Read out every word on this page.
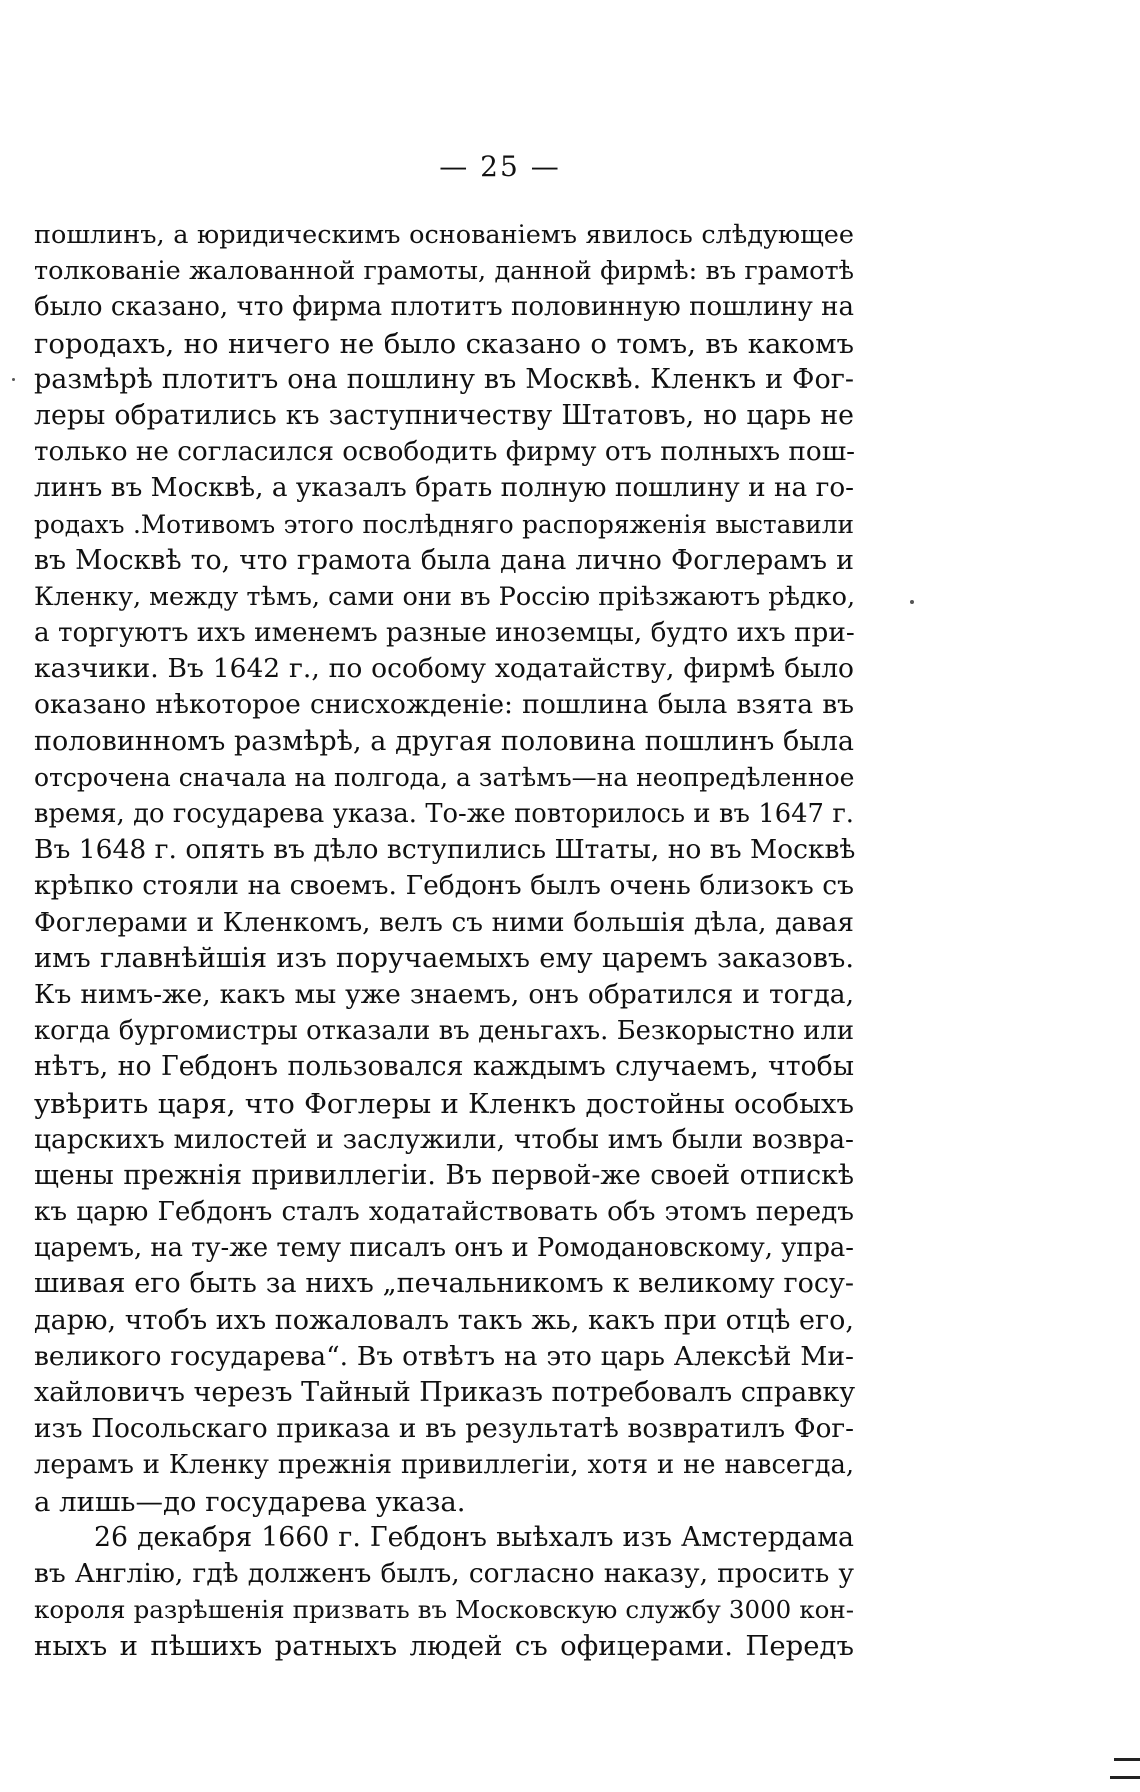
— 25 —
пошлинъ, а юридическимъ основаніемъ явилось слѣдующее
толкованіе жалованной грамоты, данной фирмѣ: въ грамотѣ
было сказано, что фирма плотитъ половинную пошлину на
городахъ, но ничего не было сказано о томъ, въ какомъ
размѣрѣ плотитъ она пошлину въ Москвѣ. Кленкъ и Фог-
леры обратились къ заступничеству Штатовъ, но царь не
только не согласился освободить фирму отъ полныхъ пош-
линъ въ Москвѣ, а указалъ брать полную пошлину и на го-
родахъ .Мотивомъ этого послѣдняго распоряженія выставили
въ Москвѣ то, что грамота была дана лично Фоглерамъ и
Кленку, между тѣмъ, сами они въ Россію пріѣзжаютъ рѣдко,
а торгуютъ ихъ именемъ разные иноземцы, будто ихъ при-
казчики. Въ 1642 г., по особому ходатайству, фирмѣ было
оказано нѣкоторое снисхожденіе: пошлина была взята въ
половинномъ размѣрѣ, а другая половина пошлинъ была
отсрочена сначала на полгода, а затѣмъ—на неопредѣленное
время, до государева указа. То-же повторилось и въ 1647 г.
Въ 1648 г. опять въ дѣло вступились Штаты, но въ Москвѣ
крѣпко стояли на своемъ. Гебдонъ былъ очень близокъ съ
Фоглерами и Кленкомъ, велъ съ ними большія дѣла, давая
имъ главнѣйшія изъ поручаемыхъ ему царемъ заказовъ.
Къ нимъ-же, какъ мы уже знаемъ, онъ обратился и тогда,
когда бургомистры отказали въ деньгахъ. Безкорыстно или
нѣтъ, но Гебдонъ пользовался каждымъ случаемъ, чтобы
увѣрить царя, что Фоглеры и Кленкъ достойны особыхъ
царскихъ милостей и заслужили, чтобы имъ были возвра-
щены прежнія привиллегіи. Въ первой-же своей отпискѣ
къ царю Гебдонъ сталъ ходатайствовать объ этомъ передъ
царемъ, на ту-же тему писалъ онъ и Ромодановскому, упра-
шивая его быть за нихъ „печальникомъ к великому госу-
дарю, чтобъ ихъ пожаловалъ такъ жь, какъ при отцѣ его,
великого государева“. Въ отвѣтъ на это царь Алексѣй Ми-
хайловичъ черезъ Тайный Приказъ потребовалъ справку
изъ Посольскаго приказа и въ результатѣ возвратилъ Фог-
лерамъ и Кленку прежнія привиллегіи, хотя и не навсегда,
а лишь—до государева указа.
26 декабря 1660 г. Гебдонъ выѣхалъ изъ Амстердама
въ Англію, гдѣ долженъ былъ, согласно наказу, просить у
короля разрѣшенія призвать въ Московскую службу 3000 кон-
ныхъ и пѣшихъ ратныхъ людей съ офицерами. Передъ
